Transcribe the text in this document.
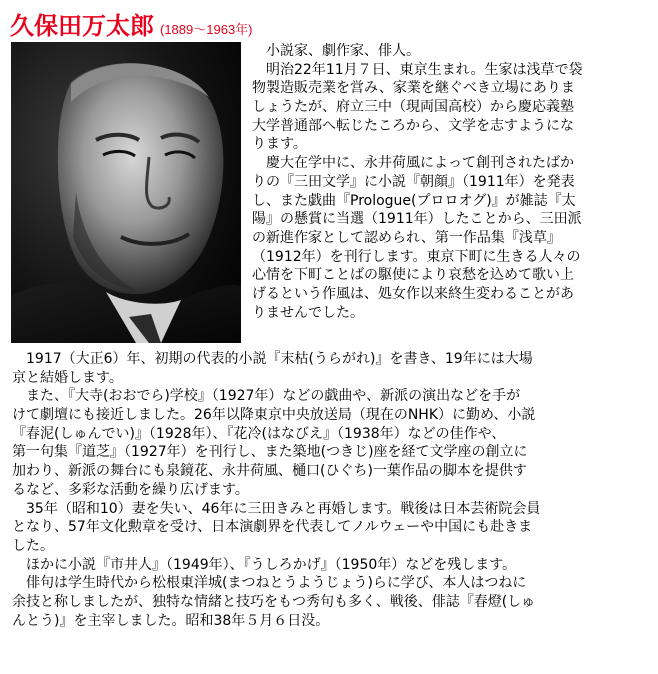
久保田万太郎 (1889～1963年)
　小説家、劇作家、俳人。
　明治22年11月７日、東京生まれ。生家は浅草で袋
物製造販売業を営み、家業を継ぐべき立場にありま
しょうたが、府立三中（現両国高校）から慶応義塾
大学普通部へ転じたころから、文学を志すようにな
ります。
　慶大在学中に、永井荷風によって創刊されたばか
りの『三田文学』に小説『朝顔』（1911年）を発表
し、また戯曲『Prologue(プロロオグ)』が雑誌『太
陽』の懸賞に当選（1911年）したことから、三田派
の新進作家として認められ、第一作品集『浅草』
（1912年）を刊行します。東京下町に生きる人々の
心情を下町ことばの駆使により哀愁を込めて歌い上
げるという作風は、処女作以来終生変わることがあ
りませんでした。
　1917（大正6）年、初期の代表的小説『末枯(うらがれ)』を書き、19年には大場
京と結婚します。
　また、『大寺(おおでら)学校』（1927年）などの戯曲や、新派の演出などを手が
けて劇壇にも接近しました。26年以降東京中央放送局（現在のNHK）に勤め、小説
『春泥(しゅんでい)』（1928年）、『花冷(はなびえ』（1938年）などの佳作や、
第一句集『道芝』（1927年）を刊行し、また築地(つきじ)座を経て文学座の創立に
加わり、新派の舞台にも泉鏡花、永井荷風、樋口(ひぐち)一葉作品の脚本を提供す
るなど、多彩な活動を繰り広げます。
　35年（昭和10）妻を失い、46年に三田きみと再婚します。戦後は日本芸術院会員
となり、57年文化勲章を受け、日本演劇界を代表してノルウェーや中国にも赴きま
した。
　ほかに小説『市井人』（1949年）、『うしろかげ』（1950年）などを残します。
　俳句は学生時代から松根東洋城(まつねとうようじょう)らに学び、本人はつねに
余技と称しましたが、独特な情緒と技巧をもつ秀句も多く、戦後、俳誌『春燈(しゅ
んとう)』を主宰しました。昭和38年５月６日没。
